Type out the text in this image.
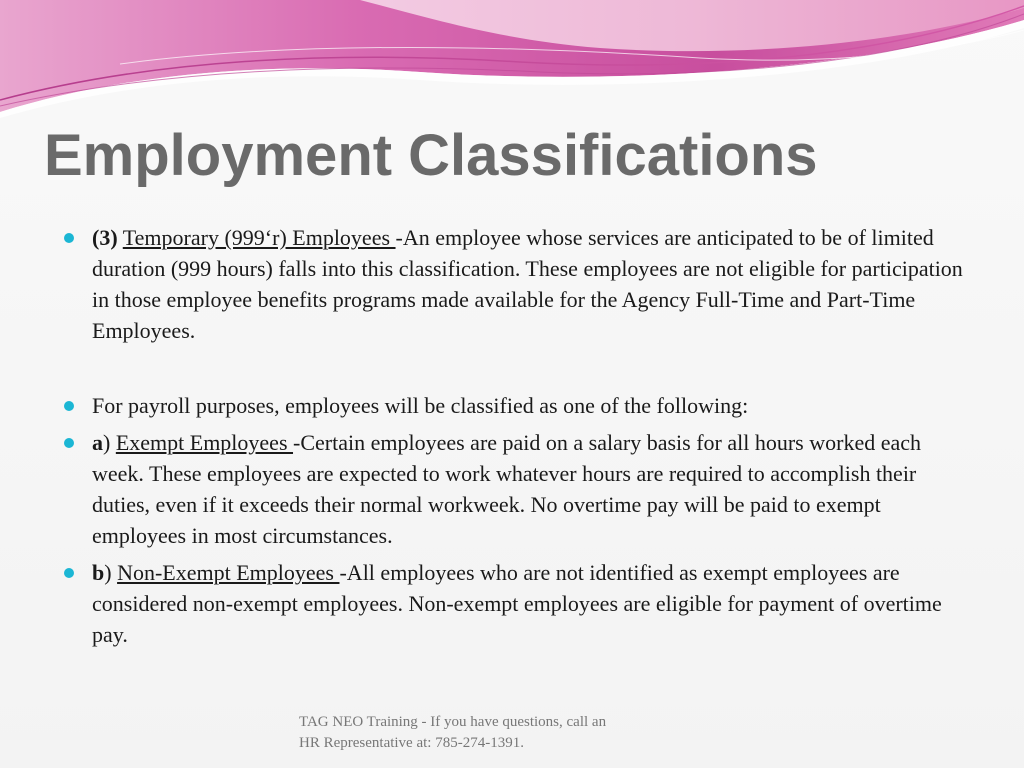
Employment Classifications
(3) Temporary (999‘r) Employees -An employee whose services are anticipated to be of limited duration (999 hours) falls into this classification. These employees are not eligible for participation in those employee benefits programs made available for the Agency Full-Time and Part-Time Employees.
For payroll purposes, employees will be classified as one of the following:
a) Exempt Employees -Certain employees are paid on a salary basis for all hours worked each week. These employees are expected to work whatever hours are required to accomplish their duties, even if it exceeds their normal workweek. No overtime pay will be paid to exempt employees in most circumstances.
b) Non-Exempt Employees -All employees who are not identified as exempt employees are considered non-exempt employees. Non-exempt employees are eligible for payment of overtime pay.
TAG NEO Training - If you have questions, call an
HR Representative at: 785-274-1391.
